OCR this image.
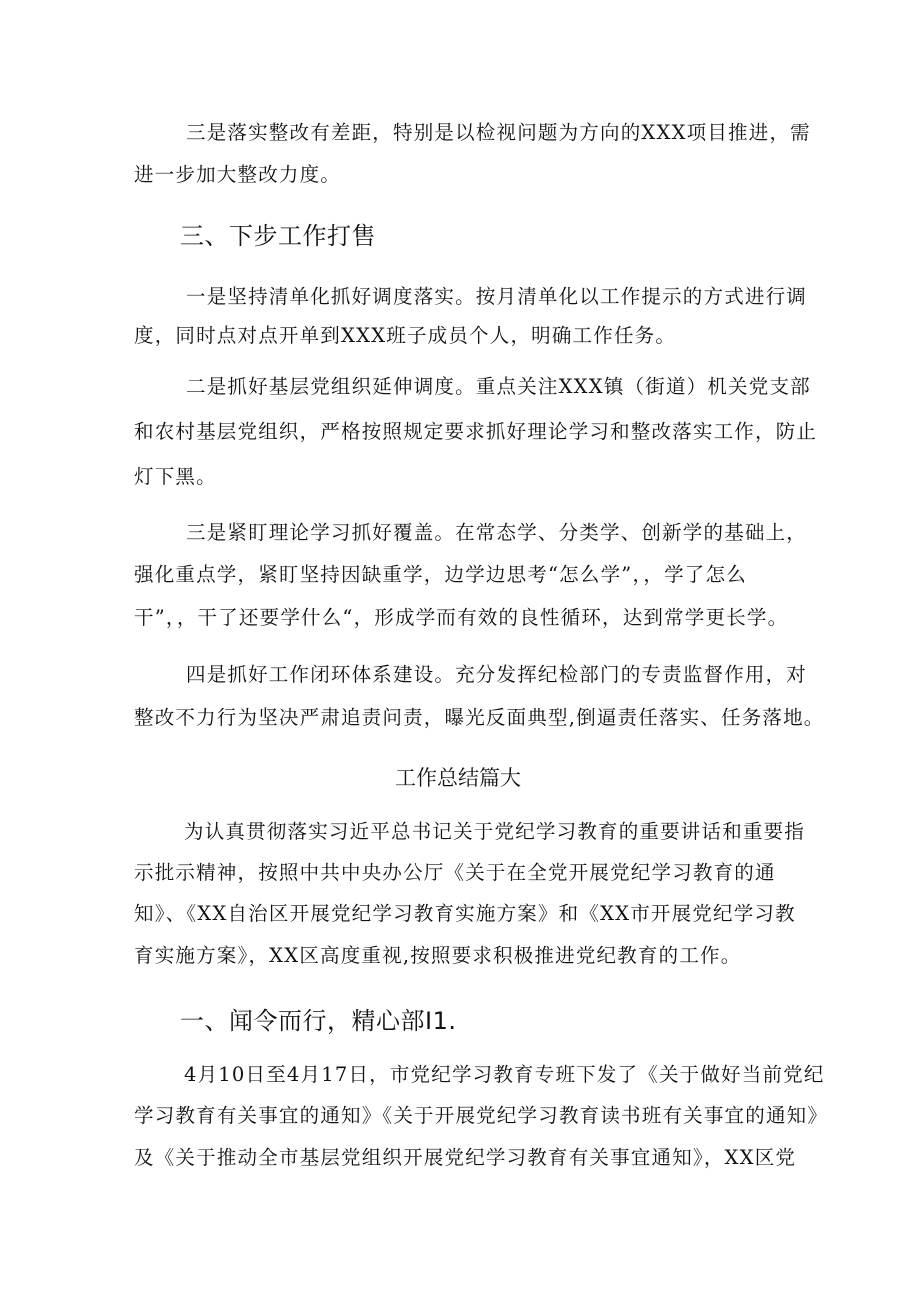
三是落实整改有差距，特别是以检视问题为方向的XXX项目推进，需
进一步加大整改力度。
三、下步工作打售
一是坚持清单化抓好调度落实。按月清单化以工作提示的方式进行调
度，同时点对点开单到XXX班子成员个人，明确工作任务。
二是抓好基层党组织延伸调度。重点关注XXX镇（街道）机关党支部
和农村基层党组织，严格按照规定要求抓好理论学习和整改落实工作，防止
灯下黑。
三是紧盯理论学习抓好覆盖。在常态学、分类学、创新学的基础上，
强化重点学，紧盯坚持因缺重学，边学边思考“怎么学”，，学了怎么
干”，，干了还要学什么“，形成学而有效的良性循环，达到常学更长学。
四是抓好工作闭环体系建设。充分发挥纪检部门的专责监督作用，对
整改不力行为坚决严肃追责问责，曝光反面典型,倒逼责任落实、任务落地。
工作总结篇大
为认真贯彻落实习近平总书记关于党纪学习教育的重要讲话和重要指
示批示精神，按照中共中央办公厅《关于在全党开展党纪学习教育的通
知》、《XX自治区开展党纪学习教育实施方案》和《XX市开展党纪学习教
育实施方案》，XX区高度重视,按照要求积极推进党纪教育的工作。
一、闻令而行，精心部I1.
4月10日至4月17日，市党纪学习教育专班下发了《关于做好当前党纪
学习教育有关事宜的通知》《关于开展党纪学习教育读书班有关事宜的通知》
及《关于推动全市基层党组织开展党纪学习教育有关事宜通知》，XX区党
